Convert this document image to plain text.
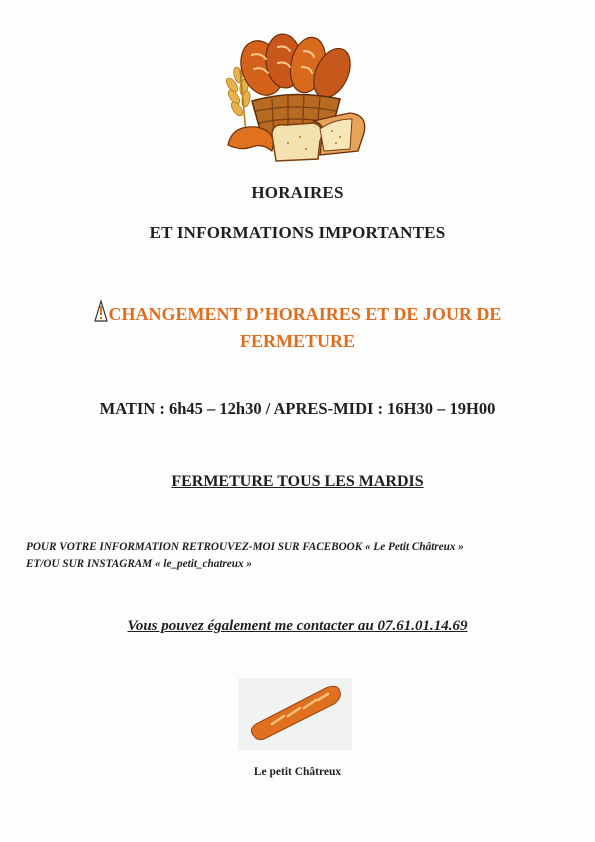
HORAIRES
ET INFORMATIONS IMPORTANTES
CHANGEMENT D’HORAIRES ET DE JOUR DE
FERMETURE
MATIN : 6h45 – 12h30 / APRES-MIDI : 16H30 – 19H00
FERMETURE TOUS LES MARDIS
POUR VOTRE INFORMATION RETROUVEZ-MOI SUR FACEBOOK « Le Petit Châtreux »
ET/OU SUR INSTAGRAM « le_petit_chatreux »
Vous pouvez également me contacter au 07.61.01.14.69
Le petit Châtreux
